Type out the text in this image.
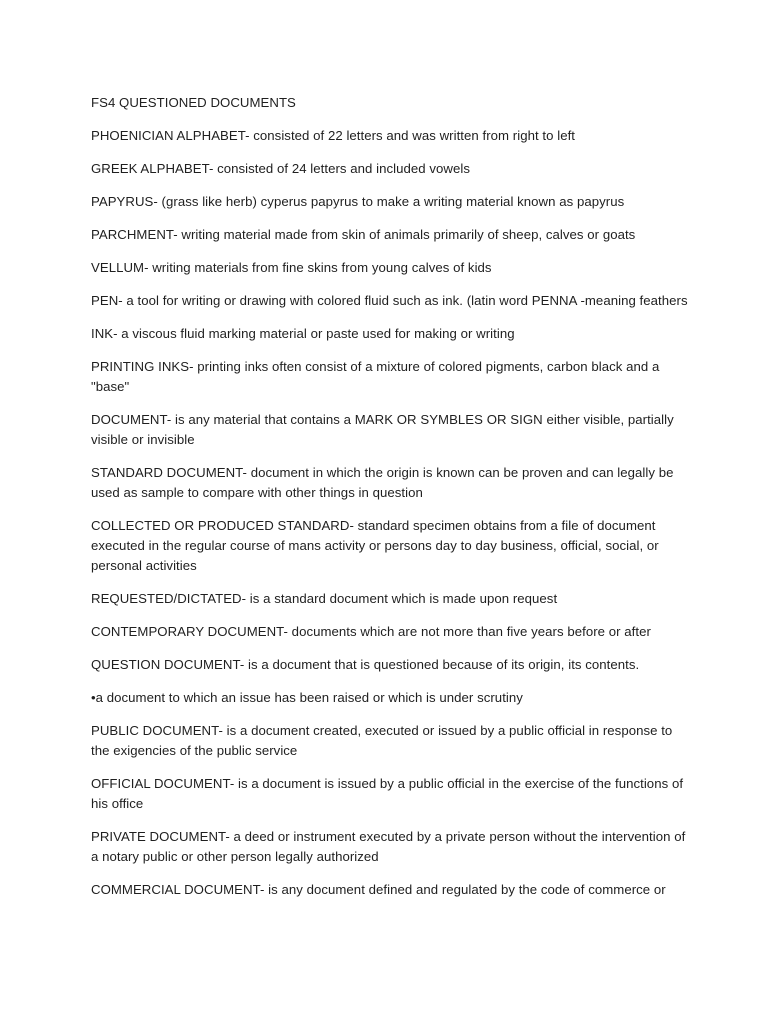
FS4 QUESTIONED DOCUMENTS

PHOENICIAN ALPHABET- consisted of 22 letters and was written from right to left

GREEK ALPHABET- consisted of 24 letters and included vowels

PAPYRUS- (grass like herb) cyperus papyrus to make a writing material known as papyrus

PARCHMENT- writing material made from skin of animals primarily of sheep, calves or goats

VELLUM- writing materials from fine skins from young calves of kids

PEN- a tool for writing or drawing with colored fluid such as ink. (latin word PENNA -meaning feathers

INK- a viscous fluid marking material or paste used for making or writing

PRINTING INKS- printing inks often consist of a mixture of colored pigments, carbon black and a "base"

DOCUMENT- is any material that contains a MARK OR SYMBLES OR SIGN either visible, partially visible or invisible

STANDARD DOCUMENT- document in which the origin is known can be proven and can legally be used as sample to compare with other things in question

COLLECTED OR PRODUCED STANDARD- standard specimen obtains from a file of document executed in the regular course of mans activity or persons day to day business, official, social, or personal activities

REQUESTED/DICTATED- is a standard document which is made upon request

CONTEMPORARY DOCUMENT- documents which are not more than five years before or after

QUESTION DOCUMENT- is a document that is questioned because of its origin, its contents.

•a document to which an issue has been raised or which is under scrutiny

PUBLIC DOCUMENT- is a document created, executed or issued by a public official in response to the exigencies of the public service

OFFICIAL DOCUMENT- is a document is issued by a public official in the exercise of the functions of his office

PRIVATE DOCUMENT- a deed or instrument executed by a private person without the intervention of a notary public or other person legally authorized

COMMERCIAL DOCUMENT- is any document defined and regulated by the code of commerce or
